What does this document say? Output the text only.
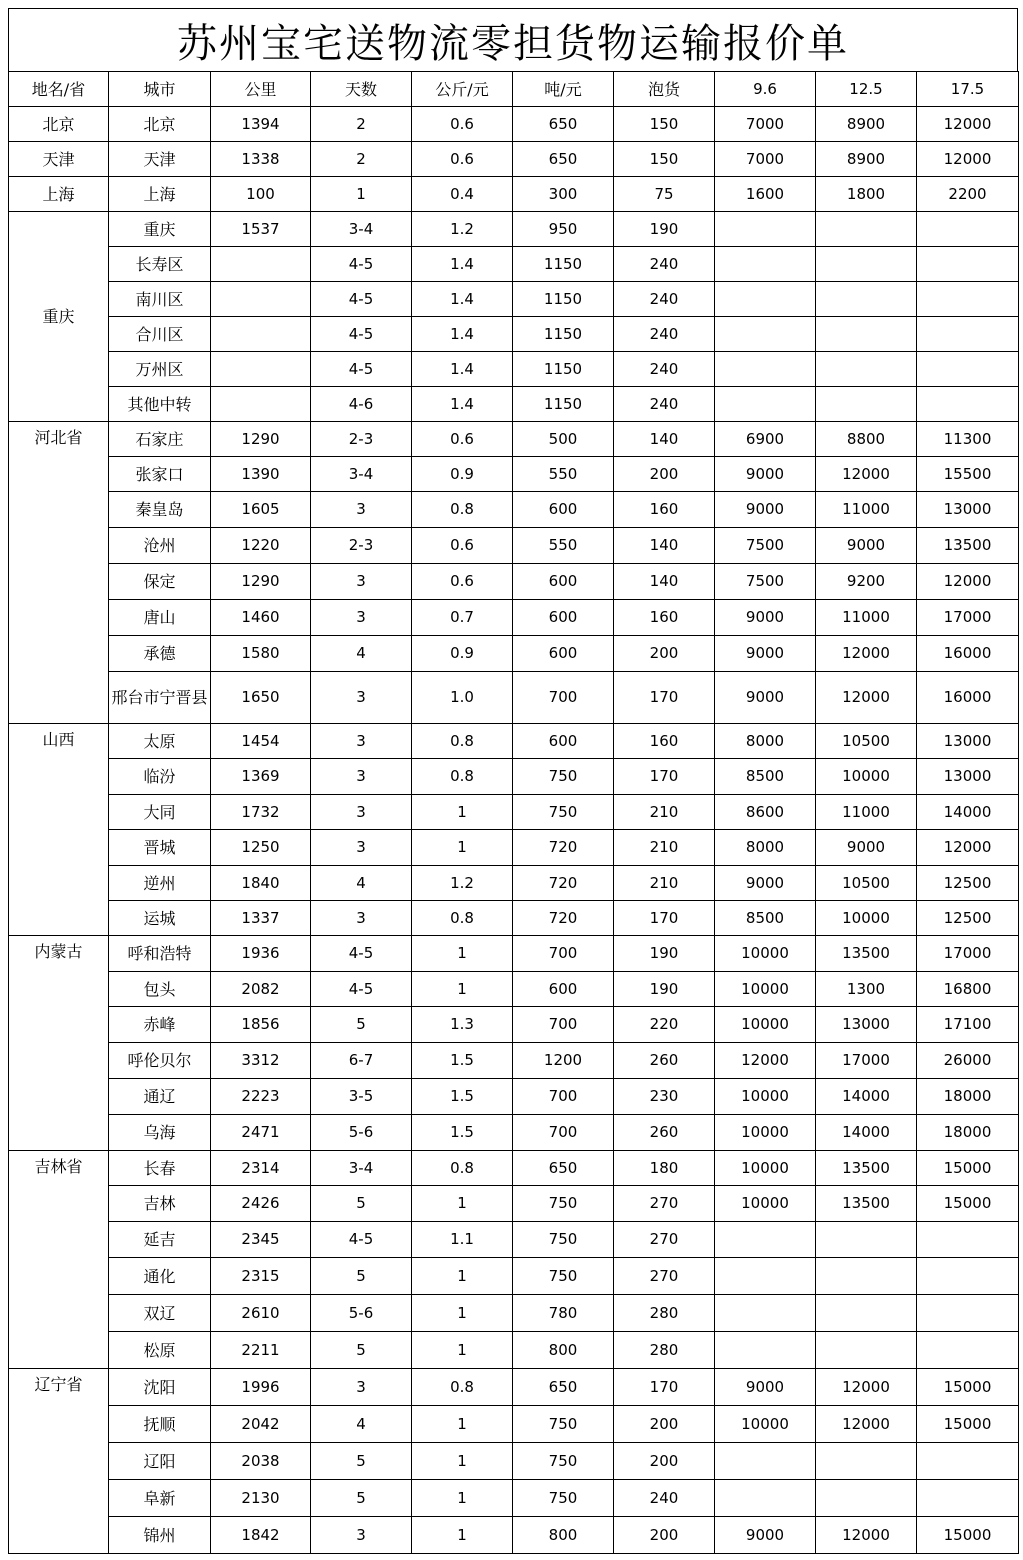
苏州宝宅送物流零担货物运输报价单
地名/省	城市	公里	天数	公斤/元	吨/元	泡货	9.6	12.5	17.5
北京	北京	1394	2	0.6	650	150	7000	8900	12000
天津	天津	1338	2	0.6	650	150	7000	8900	12000
上海	上海	100	1	0.4	300	75	1600	1800	2200
重庆	重庆	1537	3-4	1.2	950	190			
	长寿区		4-5	1.4	1150	240			
	南川区		4-5	1.4	1150	240			
	合川区		4-5	1.4	1150	240			
	万州区		4-5	1.4	1150	240			
	其他中转		4-6	1.4	1150	240			
河北省	石家庄	1290	2-3	0.6	500	140	6900	8800	11300
	张家口	1390	3-4	0.9	550	200	9000	12000	15500
	秦皇岛	1605	3	0.8	600	160	9000	11000	13000
	沧州	1220	2-3	0.6	550	140	7500	9000	13500
	保定	1290	3	0.6	600	140	7500	9200	12000
	唐山	1460	3	0.7	600	160	9000	11000	17000
	承德	1580	4	0.9	600	200	9000	12000	16000
	邢台市宁晋县	1650	3	1.0	700	170	9000	12000	16000
山西	太原	1454	3	0.8	600	160	8000	10500	13000
	临汾	1369	3	0.8	750	170	8500	10000	13000
	大同	1732	3	1	750	210	8600	11000	14000
	晋城	1250	3	1	720	210	8000	9000	12000
	逆州	1840	4	1.2	720	210	9000	10500	12500
	运城	1337	3	0.8	720	170	8500	10000	12500
内蒙古	呼和浩特	1936	4-5	1	700	190	10000	13500	17000
	包头	2082	4-5	1	600	190	10000	1300	16800
	赤峰	1856	5	1.3	700	220	10000	13000	17100
	呼伦贝尔	3312	6-7	1.5	1200	260	12000	17000	26000
	通辽	2223	3-5	1.5	700	230	10000	14000	18000
	乌海	2471	5-6	1.5	700	260	10000	14000	18000
吉林省	长春	2314	3-4	0.8	650	180	10000	13500	15000
	吉林	2426	5	1	750	270	10000	13500	15000
	延吉	2345	4-5	1.1	750	270			
	通化	2315	5	1	750	270			
	双辽	2610	5-6	1	780	280			
	松原	2211	5	1	800	280			
辽宁省	沈阳	1996	3	0.8	650	170	9000	12000	15000
	抚顺	2042	4	1	750	200	10000	12000	15000
	辽阳	2038	5	1	750	200			
	阜新	2130	5	1	750	240			
	锦州	1842	3	1	800	200	9000	12000	15000
